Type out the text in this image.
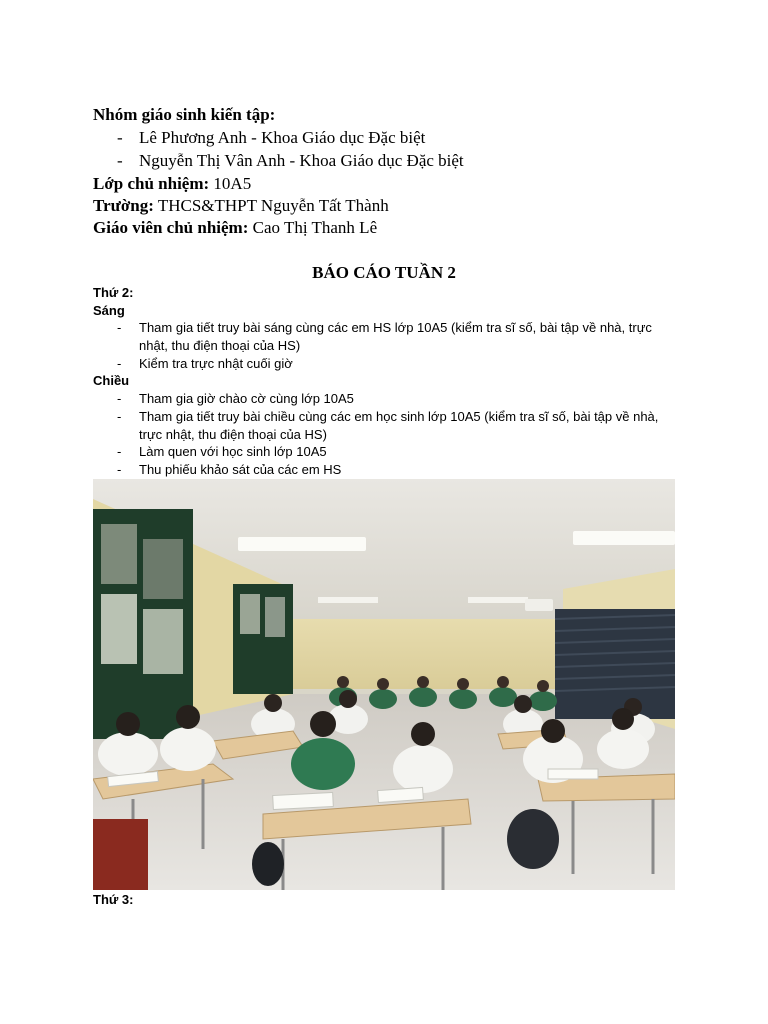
Nhóm giáo sinh kiến tập:
- Lê Phương Anh - Khoa Giáo dục Đặc biệt
- Nguyễn Thị Vân Anh - Khoa Giáo dục Đặc biệt
Lớp chủ nhiệm: 10A5
Trường: THCS&THPT Nguyễn Tất Thành
Giáo viên chủ nhiệm: Cao Thị Thanh Lê
BÁO CÁO TUẦN 2
Thứ 2:
Sáng
- Tham gia tiết truy bài sáng cùng các em HS lớp 10A5 (kiểm tra sĩ số, bài tập về nhà, trực nhật, thu điện thoại của HS)
- Kiểm tra trực nhật cuối giờ
Chiều
- Tham gia giờ chào cờ cùng lớp 10A5
- Tham gia tiết truy bài chiều cùng các em học sinh lớp 10A5 (kiểm tra sĩ số, bài tập về nhà, trực nhật, thu điện thoại của HS)
- Làm quen với học sinh lớp 10A5
- Thu phiếu khảo sát của các em HS
Thứ 3:
